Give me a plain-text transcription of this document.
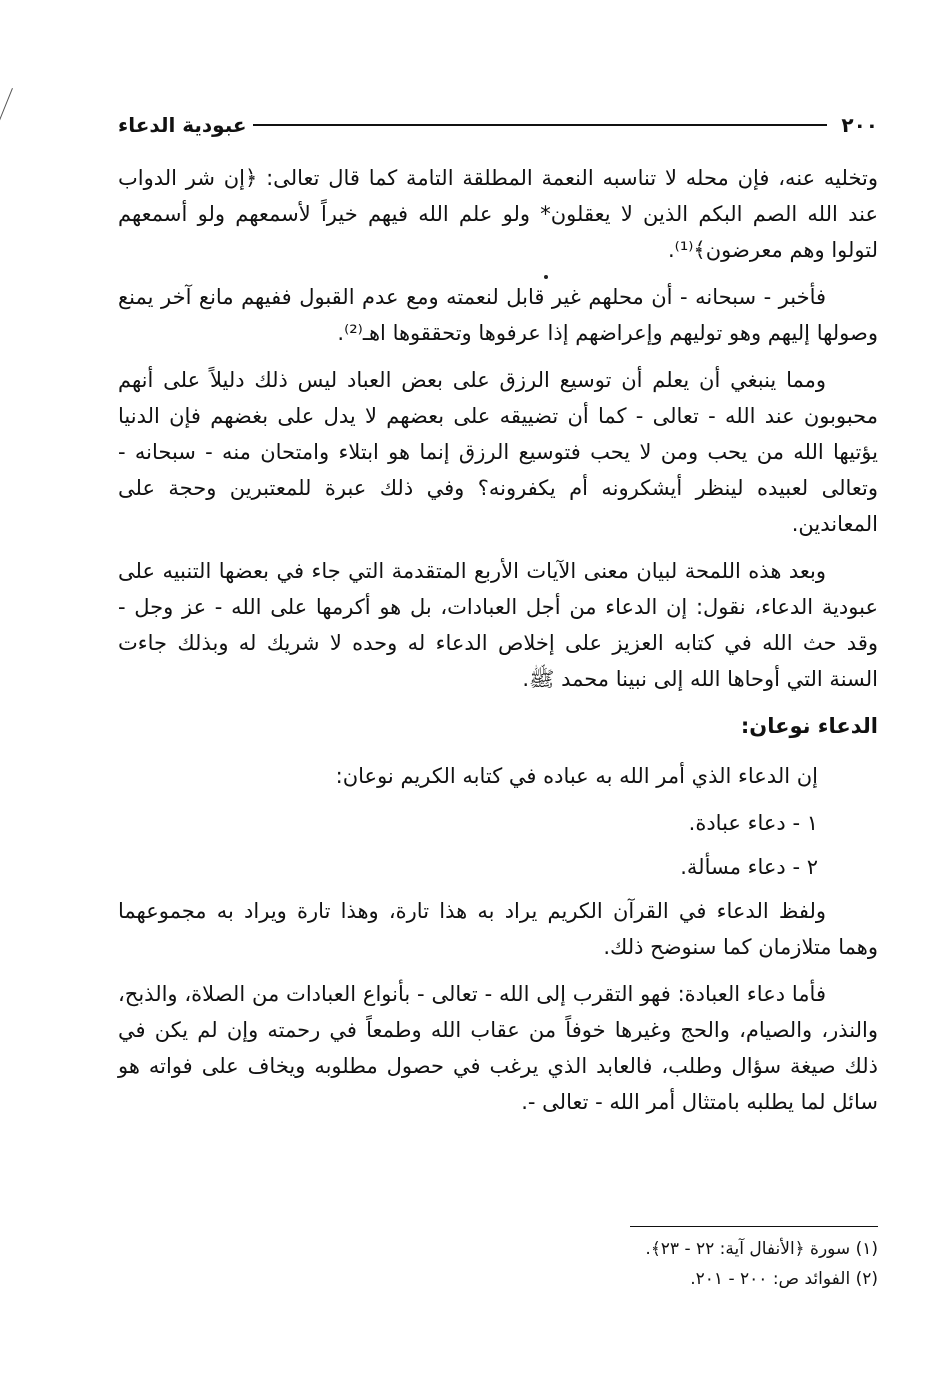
٢٠٠
عبودية الدعاء

وتخليه عنه، فإن محله لا تناسبه النعمة المطلقة التامة كما قال تعالى: ﴿إن شر الدواب عند الله الصم البكم الذين لا يعقلون* ولو علم الله فيهم خيراً لأسمعهم ولو أسمعهم لتولوا وهم معرضون﴾⁽¹⁾.

فأخبر - سبحانه - أن محلهم غير قابل لنعمته ومع عدم القبول ففيهم مانع آخر يمنع وصولها إليهم وهو توليهم وإعراضهم إذا عرفوها وتحققوها اهـ⁽²⁾.

ومما ينبغي أن يعلم أن توسيع الرزق على بعض العباد ليس ذلك دليلاً على أنهم محبوبون عند الله - تعالى - كما أن تضييقه على بعضهم لا يدل على بغضهم فإن الدنيا يؤتيها الله من يحب ومن لا يحب فتوسيع الرزق إنما هو ابتلاء وامتحان منه - سبحانه - وتعالى لعبيده لينظر أيشكرونه أم يكفرونه؟ وفي ذلك عبرة للمعتبرين وحجة على المعاندين.

وبعد هذه اللمحة لبيان معنى الآيات الأربع المتقدمة التي جاء في بعضها التنبيه على عبودية الدعاء، نقول: إن الدعاء من أجل العبادات، بل هو أكرمها على الله - عز وجل - وقد حث الله في كتابه العزيز على إخلاص الدعاء له وحده لا شريك له وبذلك جاءت السنة التي أوحاها الله إلى نبينا محمد ﷺ.

الدعاء نوعان:

إن الدعاء الذي أمر الله به عباده في كتابه الكريم نوعان:

١ - دعاء عبادة.

٢ - دعاء مسألة.

ولفظ الدعاء في القرآن الكريم يراد به هذا تارة، وهذا تارة ويراد به مجموعهما وهما متلازمان كما سنوضح ذلك.

فأما دعاء العبادة: فهو التقرب إلى الله - تعالى - بأنواع العبادات من الصلاة، والذبح، والنذر، والصيام، والحج وغيرها خوفاً من عقاب الله وطمعاً في رحمته وإن لم يكن في ذلك صيغة سؤال وطلب، فالعابد الذي يرغب في حصول مطلوبه ويخاف على فواته هو سائل لما يطلبه بامتثال أمر الله - تعالى -.

(١) سورة ﴿الأنفال آية: ٢٢ - ٢٣﴾.

(٢) الفوائد ص: ٢٠٠ - ٢٠١.
